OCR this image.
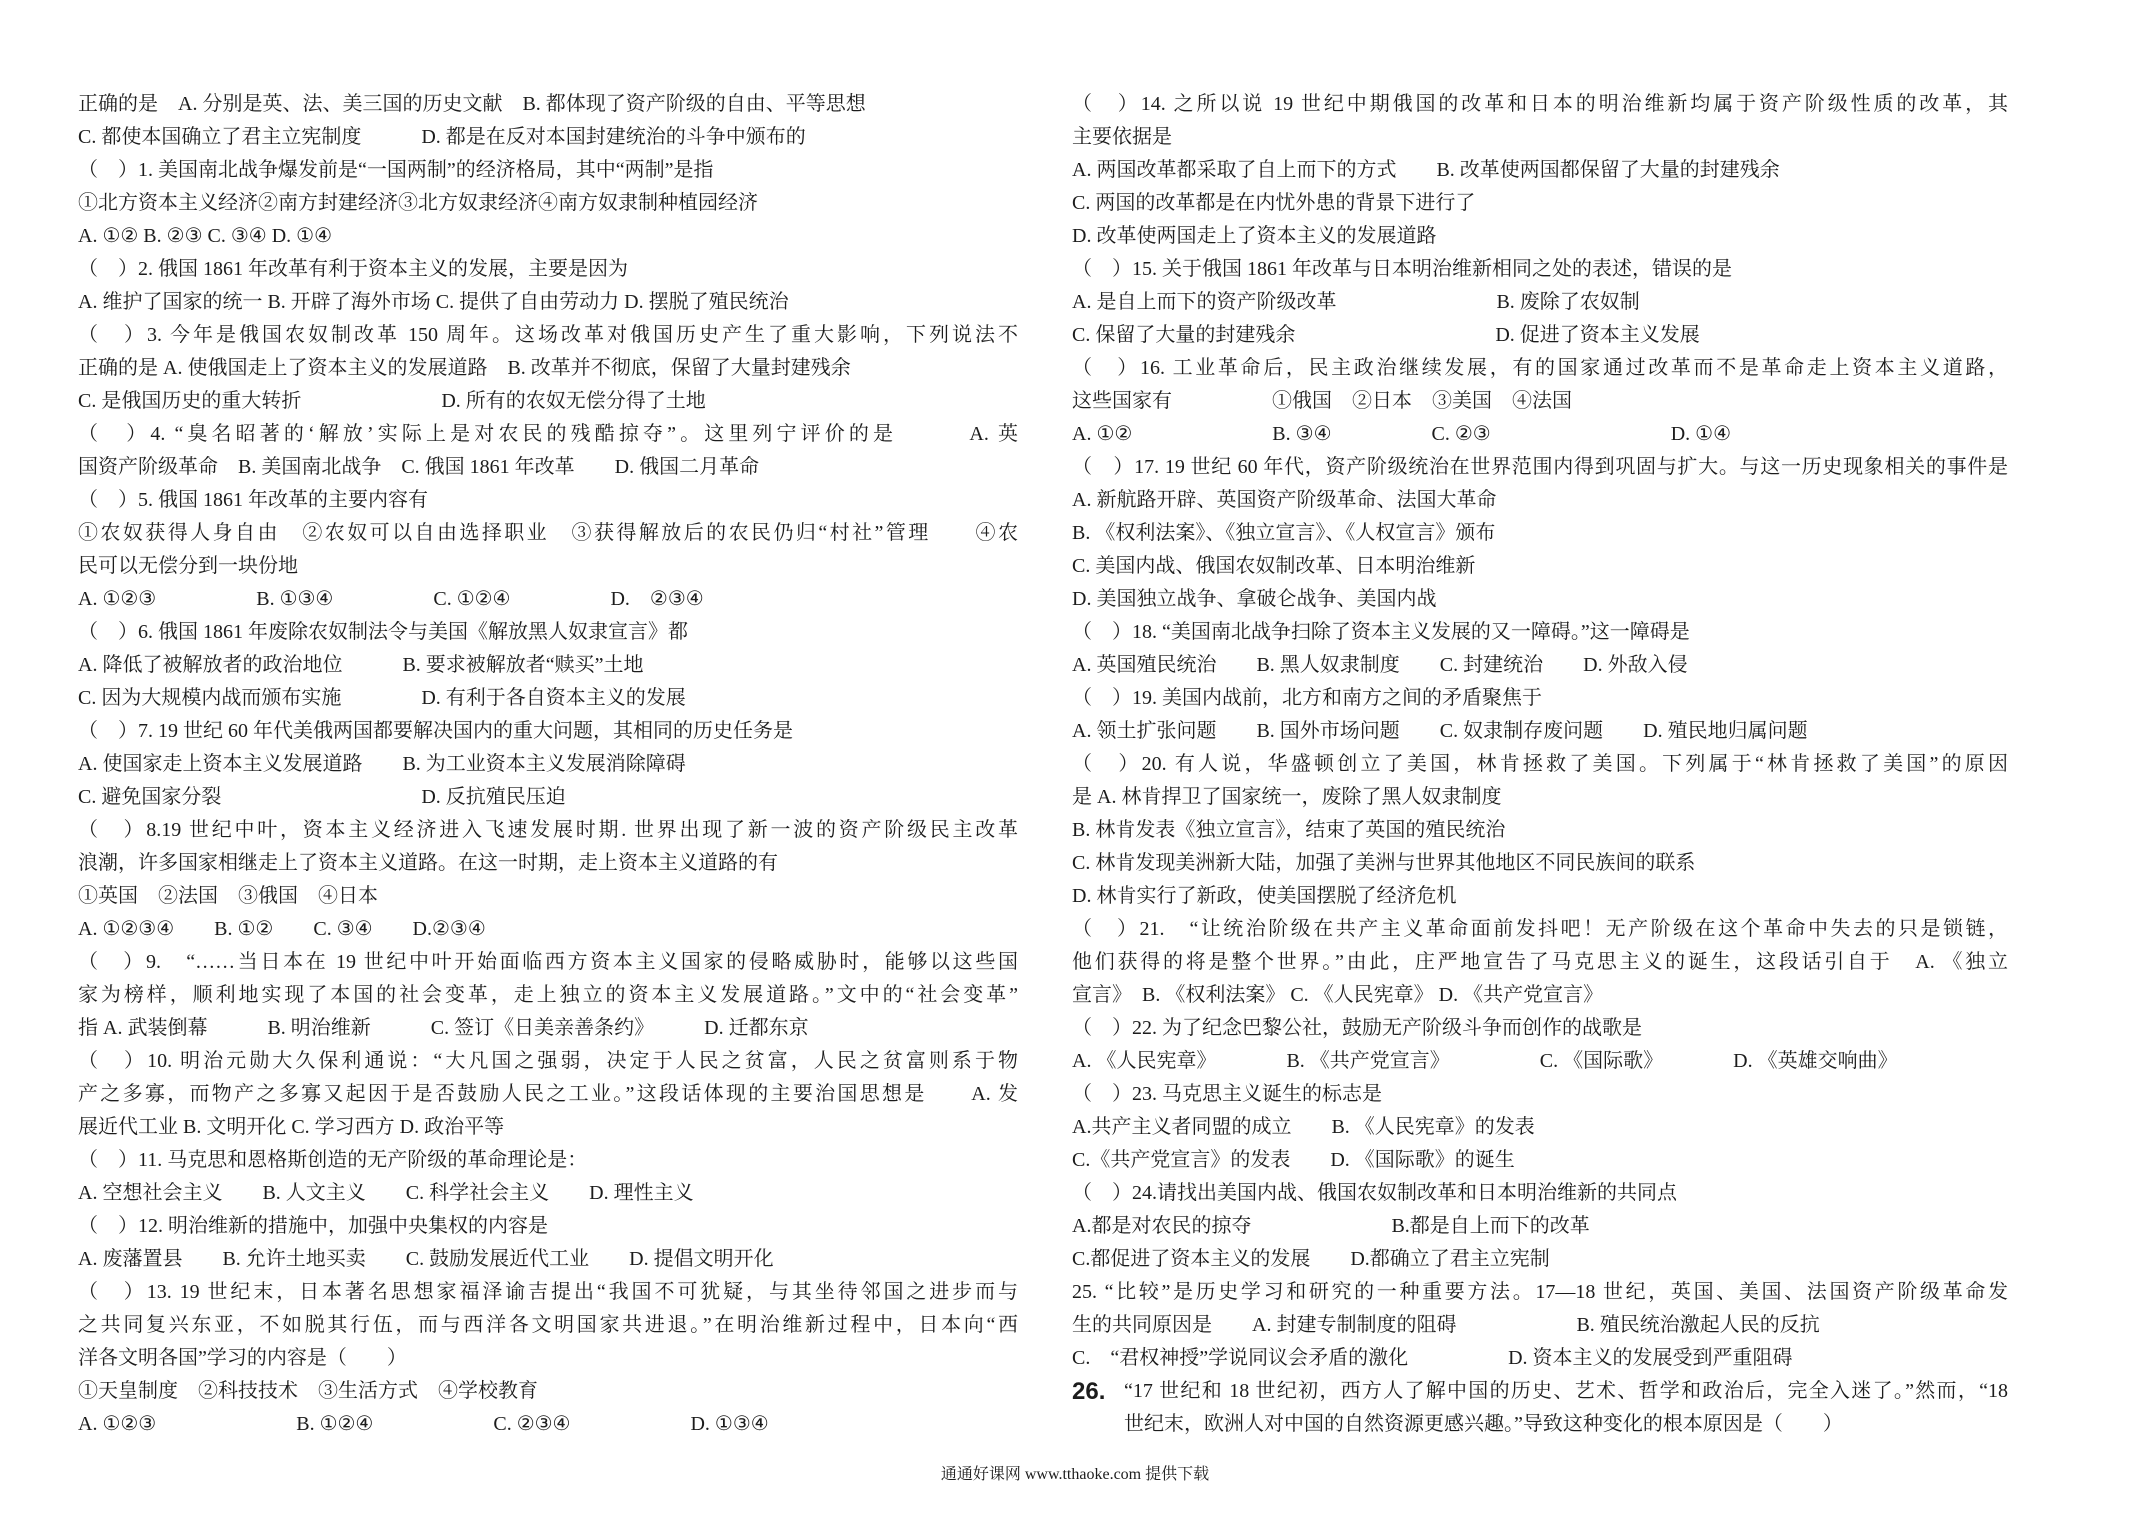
正确的是　A. 分别是英、法、美三国的历史文献　B. 都体现了资产阶级的自由、平等思想
C. 都使本国确立了君主立宪制度　　　D. 都是在反对本国封建统治的斗争中颁布的
（　）1. 美国南北战争爆发前是“一国两制”的经济格局，其中“两制”是指
①北方资本主义经济②南方封建经济③北方奴隶经济④南方奴隶制种植园经济
A. ①② B. ②③ C. ③④ D. ①④
（　）2. 俄国 1861 年改革有利于资本主义的发展，主要是因为
A. 维护了国家的统一 B. 开辟了海外市场 C. 提供了自由劳动力 D. 摆脱了殖民统治
（　）3. 今年是俄国农奴制改革 150 周年。这场改革对俄国历史产生了重大影响，下列说法不
正确的是 A. 使俄国走上了资本主义的发展道路　B. 改革并不彻底，保留了大量封建残余
C. 是俄国历史的重大转折　　　　　　　D. 所有的农奴无偿分得了土地
（　）4. “臭名昭著的‘解放’实际上是对农民的残酷掠夺”。这里列宁评价的是　　　A. 英
国资产阶级革命　B. 美国南北战争　C. 俄国 1861 年改革　　D. 俄国二月革命
（　）5. 俄国 1861 年改革的主要内容有
①农奴获得人身自由　②农奴可以自由选择职业　③获得解放后的农民仍归“村社”管理　　④农
民可以无偿分到一块份地
A. ①②③　　　　　B. ①③④　　　　　C. ①②④　　　　　D.　②③④
（　）6. 俄国 1861 年废除农奴制法令与美国《解放黑人奴隶宣言》都
A. 降低了被解放者的政治地位　　　B. 要求被解放者“赎买”土地
C. 因为大规模内战而颁布实施　　　　D. 有利于各自资本主义的发展
（　）7. 19 世纪 60 年代美俄两国都要解决国内的重大问题，其相同的历史任务是
A. 使国家走上资本主义发展道路　　B. 为工业资本主义发展消除障碍
C. 避免国家分裂　　　　　　　　　　D. 反抗殖民压迫
（　）8.19 世纪中叶，资本主义经济进入飞速发展时期. 世界出现了新一波的资产阶级民主改革
浪潮，许多国家相继走上了资本主义道路。在这一时期，走上资本主义道路的有
①英国　②法国　③俄国　④日本
A. ①②③④　　B. ①②　　C. ③④　　D.②③④
（　）9.　“……当日本在 19 世纪中叶开始面临西方资本主义国家的侵略威胁时，能够以这些国
家为榜样，顺利地实现了本国的社会变革，走上独立的资本主义发展道路。”文中的“社会变革”
指 A. 武装倒幕　　　B. 明治维新　　　C. 签订《日美亲善条约》　　　D. 迁都东京
（　）10. 明治元勋大久保利通说：“大凡国之强弱，决定于人民之贫富，人民之贫富则系于物
产之多寡，而物产之多寡又起因于是否鼓励人民之工业。”这段话体现的主要治国思想是　　A. 发
展近代工业 B. 文明开化 C. 学习西方 D. 政治平等
（　）11. 马克思和恩格斯创造的无产阶级的革命理论是：
A. 空想社会主义　　B. 人文主义　　C. 科学社会主义　　D. 理性主义
（　）12. 明治维新的措施中，加强中央集权的内容是
A. 废藩置县　　B. 允许土地买卖　　C. 鼓励发展近代工业　　D. 提倡文明开化
（　）13. 19 世纪末，日本著名思想家福泽谕吉提出“我国不可犹疑，与其坐待邻国之进步而与
之共同复兴东亚，不如脱其行伍，而与西洋各文明国家共进退。”在明治维新过程中，日本向“西
洋各文明各国”学习的内容是（　　）
①天皇制度　②科技技术　③生活方式　④学校教育
A. ①②③　　　　　　　B. ①②④　　　　　　C. ②③④　　　　　　D. ①③④
（　）14. 之所以说 19 世纪中期俄国的改革和日本的明治维新均属于资产阶级性质的改革，其
主要依据是
A. 两国改革都采取了自上而下的方式　　B. 改革使两国都保留了大量的封建残余
C. 两国的改革都是在内忧外患的背景下进行了
D. 改革使两国走上了资本主义的发展道路
（　）15. 关于俄国 1861 年改革与日本明治维新相同之处的表述，错误的是
A. 是自上而下的资产阶级改革　　　　　　　　B. 废除了农奴制
C. 保留了大量的封建残余　　　　　　　　　　D. 促进了资本主义发展
（　）16. 工业革命后，民主政治继续发展，有的国家通过改革而不是革命走上资本主义道路，
这些国家有　　　　　①俄国　②日本　③美国　④法国
A. ①②　　　　　　　B. ③④　　　　　C. ②③　　　　　　　　　D. ①④
（　）17. 19 世纪 60 年代，资产阶级统治在世界范围内得到巩固与扩大。与这一历史现象相关的事件是
A. 新航路开辟、英国资产阶级革命、法国大革命
B. 《权利法案》、《独立宣言》、《人权宣言》颁布
C. 美国内战、俄国农奴制改革、日本明治维新
D. 美国独立战争、拿破仑战争、美国内战
（　）18. “美国南北战争扫除了资本主义发展的又一障碍。”这一障碍是
A. 英国殖民统治　　B. 黑人奴隶制度　　C. 封建统治　　D. 外敌入侵
（　）19. 美国内战前，北方和南方之间的矛盾聚焦于
A. 领土扩张问题　　B. 国外市场问题　　C. 奴隶制存废问题　　D. 殖民地归属问题
（　）20. 有人说，华盛顿创立了美国，林肯拯救了美国。下列属于“林肯拯救了美国”的原因
是 A. 林肯捍卫了国家统一，废除了黑人奴隶制度
B. 林肯发表《独立宣言》，结束了英国的殖民统治
C. 林肯发现美洲新大陆，加强了美洲与世界其他地区不同民族间的联系
D. 林肯实行了新政，使美国摆脱了经济危机
（　）21.　“让统治阶级在共产主义革命面前发抖吧！无产阶级在这个革命中失去的只是锁链，
他们获得的将是整个世界。”由此，庄严地宣告了马克思主义的诞生，这段话引自于　A. 《独立
宣言》　B. 《权利法案》 C. 《人民宪章》 D. 《共产党宣言》
（　）22. 为了纪念巴黎公社，鼓励无产阶级斗争而创作的战歌是
A. 《人民宪章》　　　　B. 《共产党宣言》　　　　　C. 《国际歌》　　　　D. 《英雄交响曲》
（　）23. 马克思主义诞生的标志是
A.共产主义者同盟的成立　　B. 《人民宪章》的发表
C.《共产党宣言》的发表　　D. 《国际歌》的诞生
（　）24.请找出美国内战、俄国农奴制改革和日本明治维新的共同点
A.都是对农民的掠夺　　　　　　　B.都是自上而下的改革
C.都促进了资本主义的发展　　D.都确立了君主立宪制
25. “比较”是历史学习和研究的一种重要方法。17—18 世纪，英国、美国、法国资产阶级革命发
生的共同原因是　　A. 封建专制制度的阻碍　　　　　　B. 殖民统治激起人民的反抗
C.　“君权神授”学说同议会矛盾的激化　　　　　D. 资本主义的发展受到严重阻碍
26. “17 世纪和 18 世纪初，西方人了解中国的历史、艺术、哲学和政治后，完全入迷了。”然而，“18
世纪末，欧洲人对中国的自然资源更感兴趣。”导致这种变化的根本原因是（　　）
通通好课网 www.tthaoke.com 提供下载
